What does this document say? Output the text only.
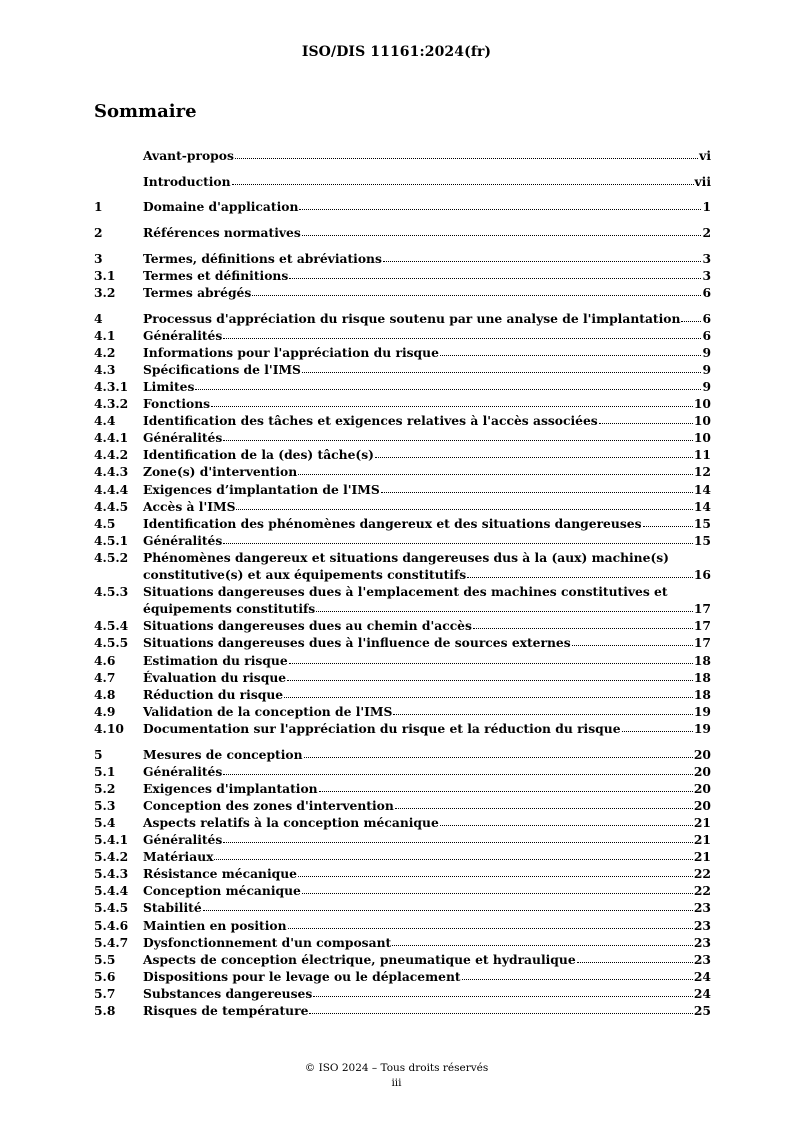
ISO/DIS 11161:2024(fr)
Sommaire
Avant-propos	vi
Introduction	vii
1	Domaine d'application	1
2	Références normatives	2
3	Termes, définitions et abréviations	3
3.1	Termes et définitions	3
3.2	Termes abrégés	6
4	Processus d'appréciation du risque soutenu par une analyse de l'implantation 6
4.1	Généralités	6
4.2	Informations pour l'appréciation du risque	9
4.3	Spécifications de l'IMS	9
4.3.1	Limites	9
4.3.2	Fonctions	10
4.4	Identification des tâches et exigences relatives à l'accès associées	10
4.4.1	Généralités	10
4.4.2	Identification de la (des) tâche(s)	11
4.4.3	Zone(s) d'intervention	12
4.4.4	Exigences d’implantation de l'IMS	14
4.4.5	Accès à l'IMS	14
4.5	Identification des phénomènes dangereux et des situations dangereuses	15
4.5.1	Généralités	15
4.5.2	Phénomènes dangereux et situations dangereuses dus à la (aux) machine(s)
constitutive(s) et aux équipements constitutifs	16
4.5.3	Situations dangereuses dues à l'emplacement des machines constitutives et
équipements constitutifs	17
4.5.4	Situations dangereuses dues au chemin d'accès	17
4.5.5	Situations dangereuses dues à l'influence de sources externes	17
4.6	Estimation du risque	18
4.7	Évaluation du risque	18
4.8	Réduction du risque	18
4.9	Validation de la conception de l'IMS	19
4.10	Documentation sur l'appréciation du risque et la réduction du risque	19
5	Mesures de conception	20
5.1	Généralités	20
5.2	Exigences d'implantation	20
5.3	Conception des zones d'intervention	20
5.4	Aspects relatifs à la conception mécanique	21
5.4.1	Généralités	21
5.4.2	Matériaux	21
5.4.3	Résistance mécanique	22
5.4.4	Conception mécanique	22
5.4.5	Stabilité	23
5.4.6	Maintien en position	23
5.4.7	Dysfonctionnement d'un composant	23
5.5	Aspects de conception électrique, pneumatique et hydraulique	23
5.6	Dispositions pour le levage ou le déplacement	24
5.7	Substances dangereuses	24
5.8	Risques de température	25
© ISO 2024 – Tous droits réservés
iii
